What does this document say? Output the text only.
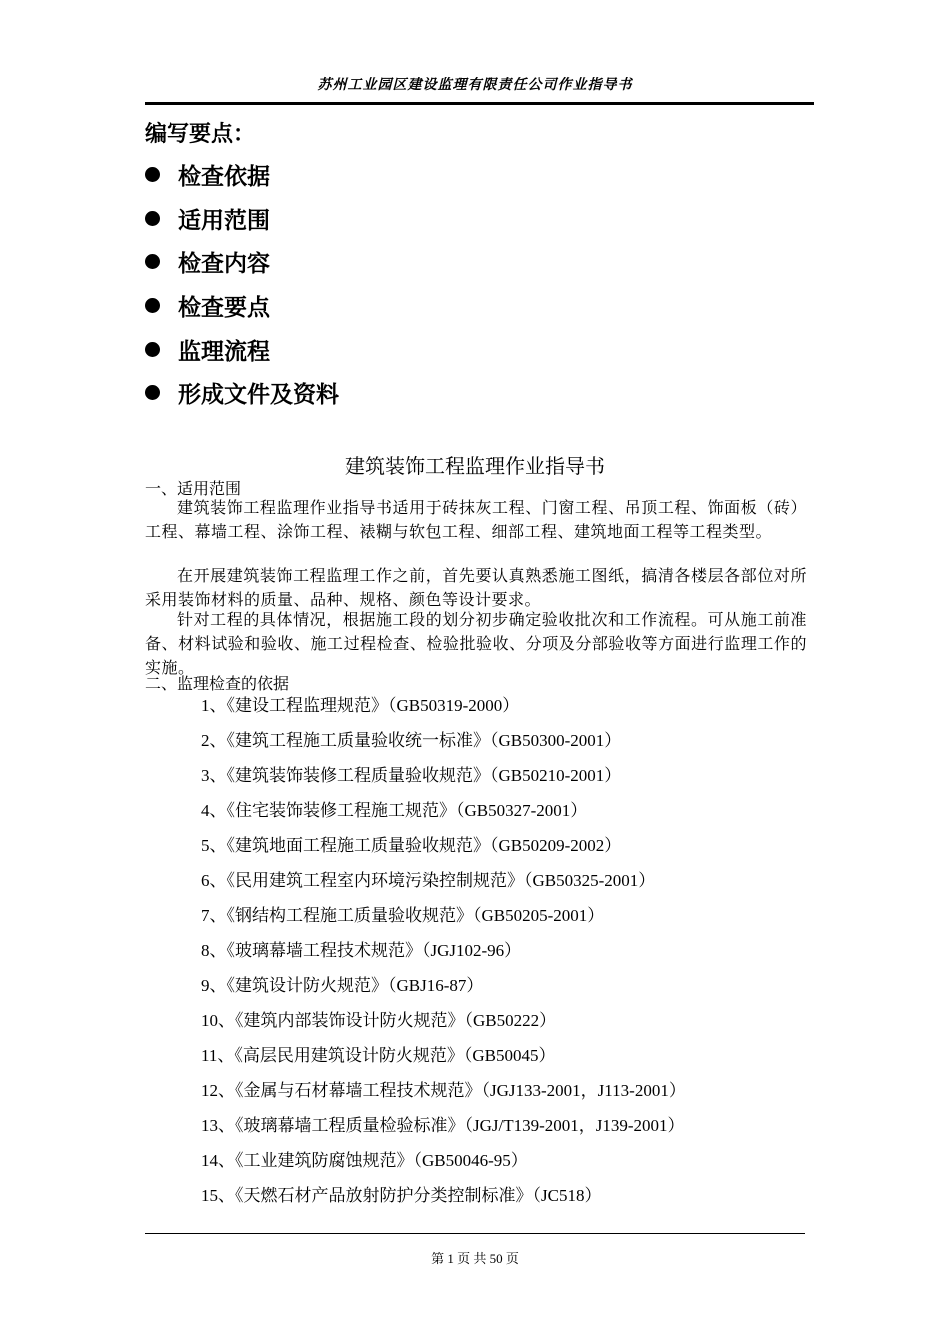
苏州工业园区建设监理有限责任公司作业指导书
编写要点：
检查依据
适用范围
检查内容
检查要点
监理流程
形成文件及资料
建筑装饰工程监理作业指导书
一、适用范围
建筑装饰工程监理作业指导书适用于砖抹灰工程、门窗工程、吊顶工程、饰面板（砖）工程、幕墙工程、涂饰工程、裱糊与软包工程、细部工程、建筑地面工程等工程类型。
在开展建筑装饰工程监理工作之前，首先要认真熟悉施工图纸，搞清各楼层各部位对所采用装饰材料的质量、品种、规格、颜色等设计要求。
针对工程的具体情况，根据施工段的划分初步确定验收批次和工作流程。可从施工前准备、材料试验和验收、施工过程检查、检验批验收、分项及分部验收等方面进行监理工作的实施。
二、监理检查的依据
1、《建设工程监理规范》（GB50319-2000）
2、《建筑工程施工质量验收统一标准》（GB50300-2001）
3、《建筑装饰装修工程质量验收规范》（GB50210-2001）
4、《住宅装饰装修工程施工规范》（GB50327-2001）
5、《建筑地面工程施工质量验收规范》（GB50209-2002）
6、《民用建筑工程室内环境污染控制规范》（GB50325-2001）
7、《钢结构工程施工质量验收规范》（GB50205-2001）
8、《玻璃幕墙工程技术规范》（JGJ102-96）
9、《建筑设计防火规范》（GBJ16-87）
10、《建筑内部装饰设计防火规范》（GB50222）
11、《高层民用建筑设计防火规范》（GB50045）
12、《金属与石材幕墙工程技术规范》（JGJ133-2001，J113-2001）
13、《玻璃幕墙工程质量检验标准》（JGJ/T139-2001，J139-2001）
14、《工业建筑防腐蚀规范》（GB50046-95）
15、《天燃石材产品放射防护分类控制标准》（JC518）
第 1 页 共 50 页
